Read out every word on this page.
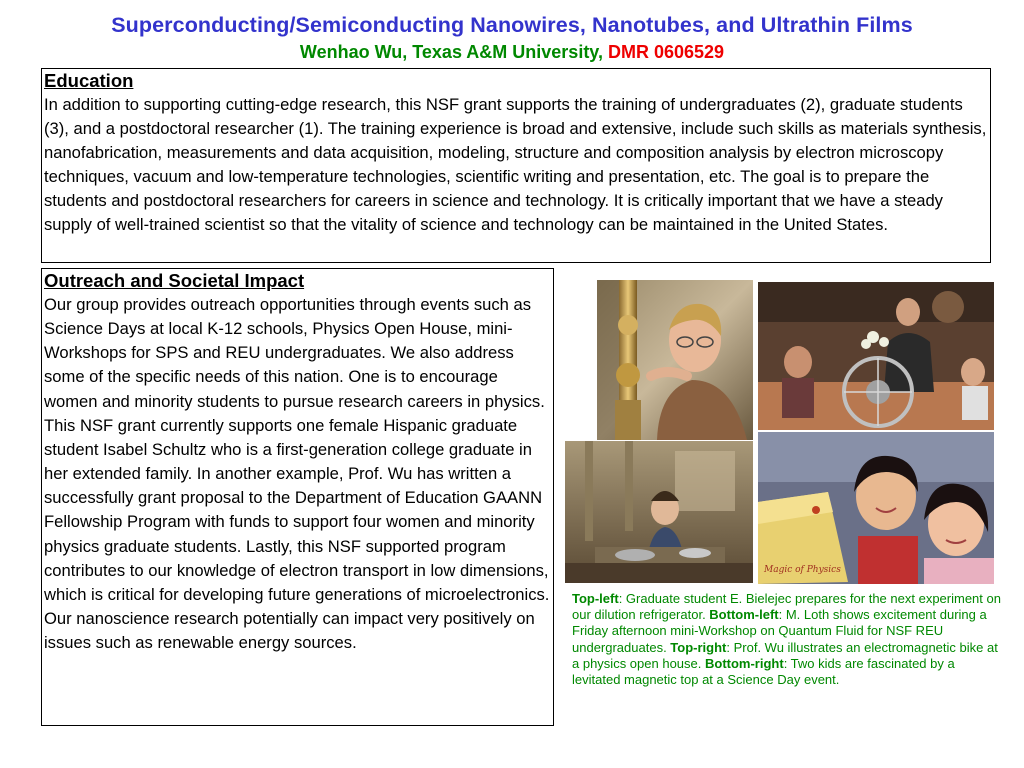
Superconducting/Semiconducting Nanowires, Nanotubes, and Ultrathin Films
Wenhao Wu, Texas A&M University, DMR 0606529
Education
In addition to supporting cutting-edge research, this NSF grant supports the training of undergraduates (2), graduate students (3), and a postdoctoral researcher (1). The training experience is broad and extensive, include such skills as materials synthesis, nanofabrication, measurements and data acquisition, modeling, structure and composition analysis by electron microscopy techniques, vacuum and low-temperature technologies, scientific writing and presentation, etc. The goal is to prepare the students and postdoctoral researchers for careers in science and technology. It is critically important that we have a steady supply of well-trained scientist so that the vitality of science and technology can be maintained in the United States.
Outreach and Societal Impact
Our group provides outreach opportunities through events such as Science Days at local K-12 schools, Physics Open House, mini-Workshops for SPS and REU undergraduates. We also address some of the specific needs of this nation. One is to encourage women and minority students to pursue research careers in physics. This NSF grant currently supports one female Hispanic graduate student Isabel Schultz who is a first-generation college graduate in her extended family. In another example, Prof. Wu has written a successfully grant proposal to the Department of Education GAANN Fellowship Program with funds to support four women and minority physics graduate students. Lastly, this NSF supported program contributes to our knowledge of electron transport in low dimensions, which is critical for developing future generations of microelectronics. Our nanoscience research potentially can impact very positively on issues such as renewable energy sources.
Magic of Physics
Top-left: Graduate student E. Bielejec prepares for the next experiment on our dilution refrigerator. Bottom-left: M. Loth shows excitement during a Friday afternoon mini-Workshop on Quantum Fluid for NSF REU undergraduates. Top-right: Prof. Wu illustrates an electromagnetic bike at a physics open house. Bottom-right: Two kids are fascinated by a levitated magnetic top at a Science Day event.
